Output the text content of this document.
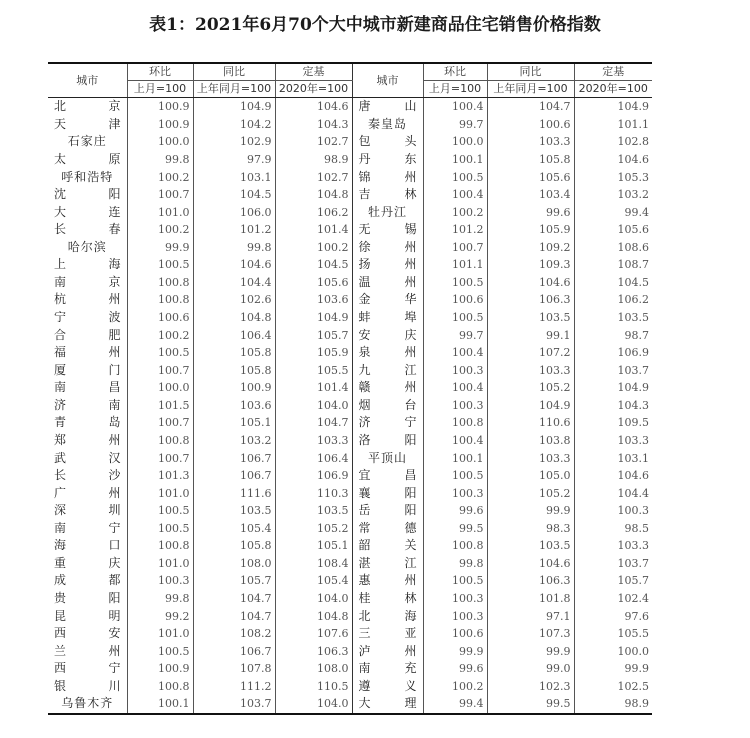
表1：2021年6月70个大中城市新建商品住宅销售价格指数
城市	环比	同比	定基	城市	环比	同比	定基
	上月=100	上年同月=100	2020年=100		上月=100	上年同月=100	2020年=100

北 京	100.9	104.9	104.6	唐 山	100.4	104.7	104.9

天 津	100.9	104.2	104.3	秦皇岛	99.7	100.6	101.1

石家庄	100.0	102.9	102.7	包 头	100.0	103.3	102.8

太 原	99.8	97.9	98.9	丹 东	100.1	105.8	104.6

呼和浩特	100.2	103.1	102.7	锦 州	100.5	105.6	105.3

沈 阳	100.7	104.5	104.8	吉 林	100.4	103.4	103.2

大 连	101.0	106.0	106.2	牡丹江	100.2	99.6	99.4

长 春	100.2	101.2	101.4	无 锡	101.2	105.9	105.6

哈尔滨	99.9	99.8	100.2	徐 州	100.7	109.2	108.6

上 海	100.5	104.6	104.5	扬 州	101.1	109.3	108.7

南 京	100.8	104.4	105.6	温 州	100.5	104.6	104.5

杭 州	100.8	102.6	103.6	金 华	100.6	106.3	106.2

宁 波	100.6	104.8	104.9	蚌 埠	100.5	103.5	103.5

合 肥	100.2	106.4	105.7	安 庆	99.7	99.1	98.7

福 州	100.5	105.8	105.9	泉 州	100.4	107.2	106.9

厦 门	100.7	105.8	105.5	九 江	100.3	103.3	103.7

南 昌	100.0	100.9	101.4	赣 州	100.4	105.2	104.9

济 南	101.5	103.6	104.0	烟 台	100.3	104.9	104.3

青 岛	100.7	105.1	104.7	济 宁	100.8	110.6	109.5

郑 州	100.8	103.2	103.3	洛 阳	100.4	103.8	103.3

武 汉	100.7	106.7	106.4	平顶山	100.1	103.3	103.1

长 沙	101.3	106.7	106.9	宜 昌	100.5	105.0	104.6

广 州	101.0	111.6	110.3	襄 阳	100.3	105.2	104.4

深 圳	100.5	103.5	103.5	岳 阳	99.6	99.9	100.3

南 宁	100.5	105.4	105.2	常 德	99.5	98.3	98.5

海 口	100.8	105.8	105.1	韶 关	100.8	103.5	103.3

重 庆	101.0	108.0	108.4	湛 江	99.8	104.6	103.7

成 都	100.3	105.7	105.4	惠 州	100.5	106.3	105.7

贵 阳	99.8	104.7	104.0	桂 林	100.3	101.8	102.4

昆 明	99.2	104.7	104.8	北 海	100.3	97.1	97.6

西 安	101.0	108.2	107.6	三 亚	100.6	107.3	105.5

兰 州	100.5	106.7	106.3	泸 州	99.9	99.9	100.0

西 宁	100.9	107.8	108.0	南 充	99.6	99.0	99.9

银 川	100.8	111.2	110.5	遵 义	100.2	102.3	102.5

乌鲁木齐	100.1	103.7	104.0	大 理	99.4	99.5	98.9
